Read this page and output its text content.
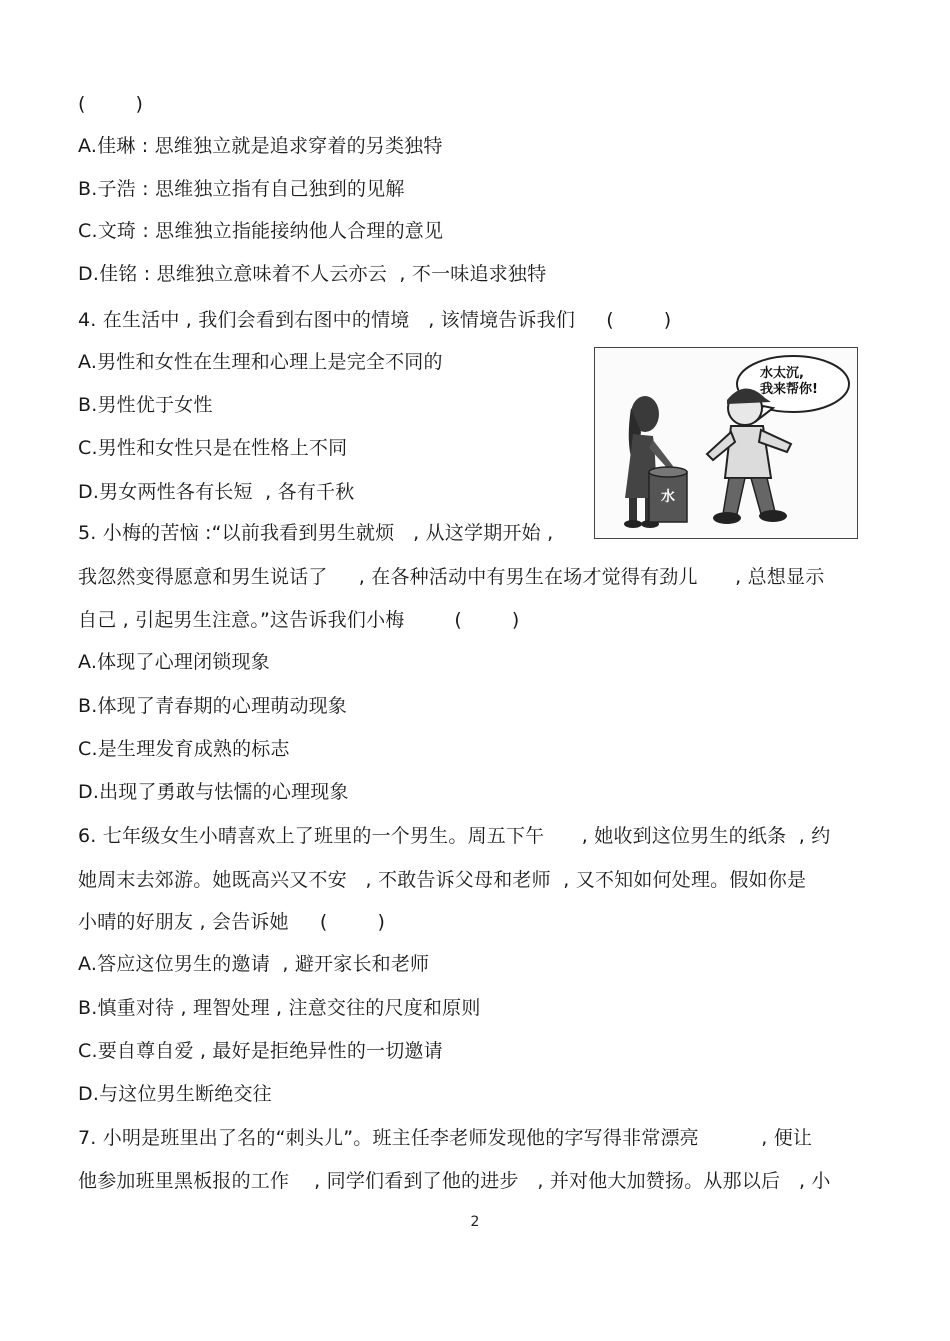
(        )
A.佳琳 : 思维独立就是追求穿着的另类独特
B.子浩 : 思维独立指有自己独到的见解
C.文琦 : 思维独立指能接纳他人合理的意见
D.佳铭 : 思维独立意味着不人云亦云  , 不一味追求独特
4. 在生活中 , 我们会看到右图中的情境   , 该情境告诉我们     (        )
A.男性和女性在生理和心理上是完全不同的
B.男性优于女性
C.男性和女性只是在性格上不同
D.男女两性各有长短  , 各有千秋
5. 小梅的苦恼 :“以前我看到男生就烦   , 从这学期开始 ,
我忽然变得愿意和男生说话了     , 在各种活动中有男生在场才觉得有劲儿      , 总想显示
自己 , 引起男生注意。”这告诉我们小梅        (        )
A.体现了心理闭锁现象
B.体现了青春期的心理萌动现象
C.是生理发育成熟的标志
D.出现了勇敢与怯懦的心理现象
6. 七年级女生小晴喜欢上了班里的一个男生。周五下午      , 她收到这位男生的纸条  , 约
她周末去郊游。她既高兴又不安   , 不敢告诉父母和老师  , 又不知如何处理。假如你是
小晴的好朋友 , 会告诉她     (        )
A.答应这位男生的邀请  , 避开家长和老师
B.慎重对待 , 理智处理 , 注意交往的尺度和原则
C.要自尊自爱 , 最好是拒绝异性的一切邀请
D.与这位男生断绝交往
7. 小明是班里出了名的“刺头儿”。班主任李老师发现他的字写得非常漂亮          , 便让
他参加班里黑板报的工作    , 同学们看到了他的进步   , 并对他大加赞扬。从那以后   , 小
水太沉,
我来帮你!
水
2
